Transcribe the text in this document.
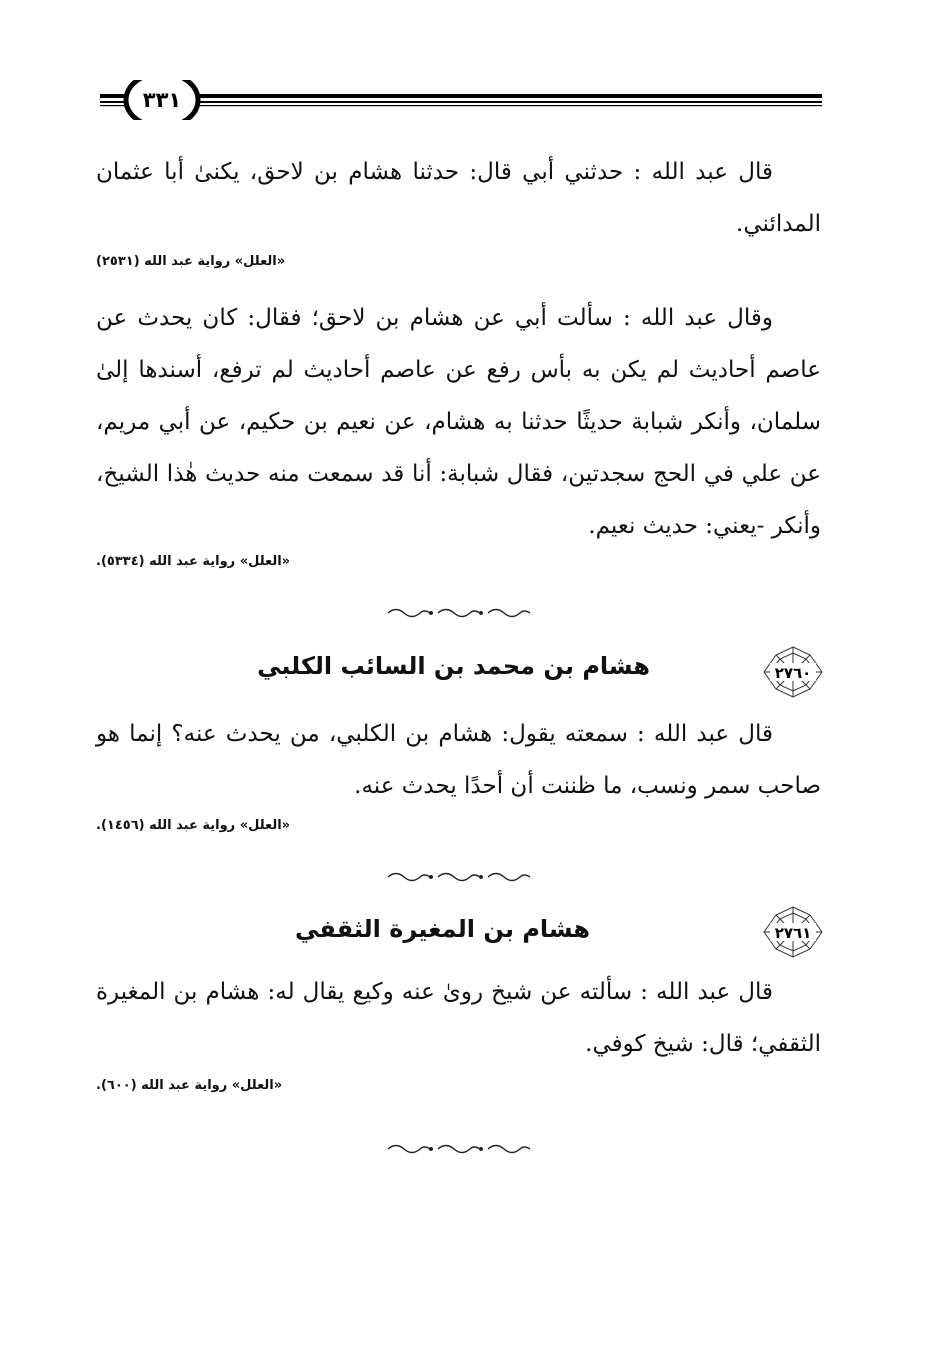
٣٣١

قال عبد الله : حدثني أبي قال: حدثنا هشام بن لاحق، يكنىٰ أبا عثمان المدائني.

«العلل» رواية عبد الله (٢٥٣١)

وقال عبد الله : سألت أبي عن هشام بن لاحق؛ فقال: كان يحدث عن عاصم أحاديث لم يكن به بأس رفع عن عاصم أحاديث لم ترفع، أسندها إلىٰ سلمان، وأنكر شبابة حديثًا حدثنا به هشام، عن نعيم بن حكيم، عن أبي مريم، عن علي في الحج سجدتين، فقال شبابة: أنا قد سمعت منه حديث هٰذا الشيخ، وأنكر -يعني: حديث نعيم.

«العلل» رواية عبد الله (٥٣٣٤).
٢٧٦٠
هشام بن محمد بن السائب الكلبي

قال عبد الله : سمعته يقول: هشام بن الكلبي، من يحدث عنه؟ إنما هو صاحب سمر ونسب، ما ظننت أن أحدًا يحدث عنه.

«العلل» رواية عبد الله (١٤٥٦).
٢٧٦١
هشام بن المغيرة الثقفي

قال عبد الله : سألته عن شيخ روىٰ عنه وكيع يقال له: هشام بن المغيرة الثقفي؛ قال: شيخ كوفي.

«العلل» رواية عبد الله (٦٠٠).
